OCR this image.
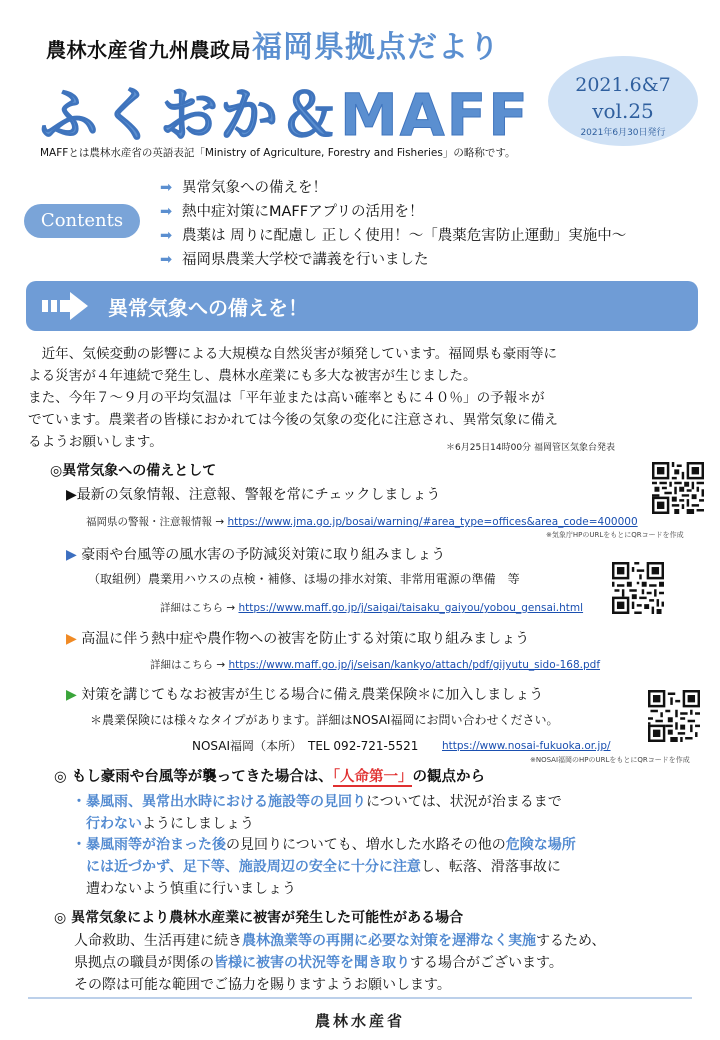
農林水産省九州農政局 福岡県拠点だより
ふくおか＆MAFF	2021.6&7
vol.25
2021年6月30日発行
MAFFとは農林水産省の英語表記「Ministry of Agriculture, Forestry and Fisheries」の略称です。
Contents
➡ 異常気象への備えを！
➡ 熱中症対策にMAFFアプリの活用を！
➡ 農薬は 周りに配慮し 正しく使用！～「農薬危害防止運動」実施中～
➡ 福岡県農業大学校で講義を行いました
異常気象への備えを！
　近年、気候変動の影響による大規模な自然災害が頻発しています。福岡県も豪雨等に
よる災害が４年連続で発生し、農林水産業にも多大な被害が生じました。
また、今年７～９月の平均気温は「平年並または高い確率ともに４０％」の予報＊が
でています。農業者の皆様におかれては今後の気象の変化に注意され、異常気象に備え
るようお願いします。	＊6月25日14時00分 福岡管区気象台発表
◎異常気象への備えとして
▶最新の気象情報、注意報、警報を常にチェックしましょう
福岡県の警報・注意報情報 → https://www.jma.go.jp/bosai/warning/#area_type=offices&area_code=400000
※気象庁HPのURLをもとにQRコードを作成
▶ 豪雨や台風等の風水害の予防減災対策に取り組みましょう
（取組例）農業用ハウスの点検・補修、ほ場の排水対策、非常用電源の準備　等
詳細はこちら → https://www.maff.go.jp/j/saigai/taisaku_gaiyou/yobou_gensai.html
▶ 高温に伴う熱中症や農作物への被害を防止する対策に取り組みましょう
詳細はこちら → https://www.maff.go.jp/j/seisan/kankyo/attach/pdf/gijyutu_sido-168.pdf
▶ 対策を講じてもなお被害が生じる場合に備え農業保険＊に加入しましょう
＊農業保険には様々なタイプがあります。詳細はNOSAI福岡にお問い合わせください。
NOSAI福岡（本所）　TEL 092-721-5521 https://www.nosai-fukuoka.or.jp/
※NOSAI福岡のHPのURLをもとにQRコードを作成
◎ もし豪雨や台風等が襲ってきた場合は、「人命第一」の観点から
・暴風雨、異常出水時における施設等の見回りについては、状況が治まるまで
行わないようにしましょう
・暴風雨等が治まった後の見回りについても、増水した水路その他の危険な場所
には近づかず、足下等、施設周辺の安全に十分に注意し、転落、滑落事故に
遭わないよう慎重に行いましょう
◎ 異常気象により農林水産業に被害が発生した可能性がある場合
人命救助、生活再建に続き農林漁業等の再開に必要な対策を遅滞なく実施するため、
県拠点の職員が関係の皆様に被害の状況等を聞き取りする場合がございます。
その際は可能な範囲でご協力を賜りますようお願いします。
農林水産省
